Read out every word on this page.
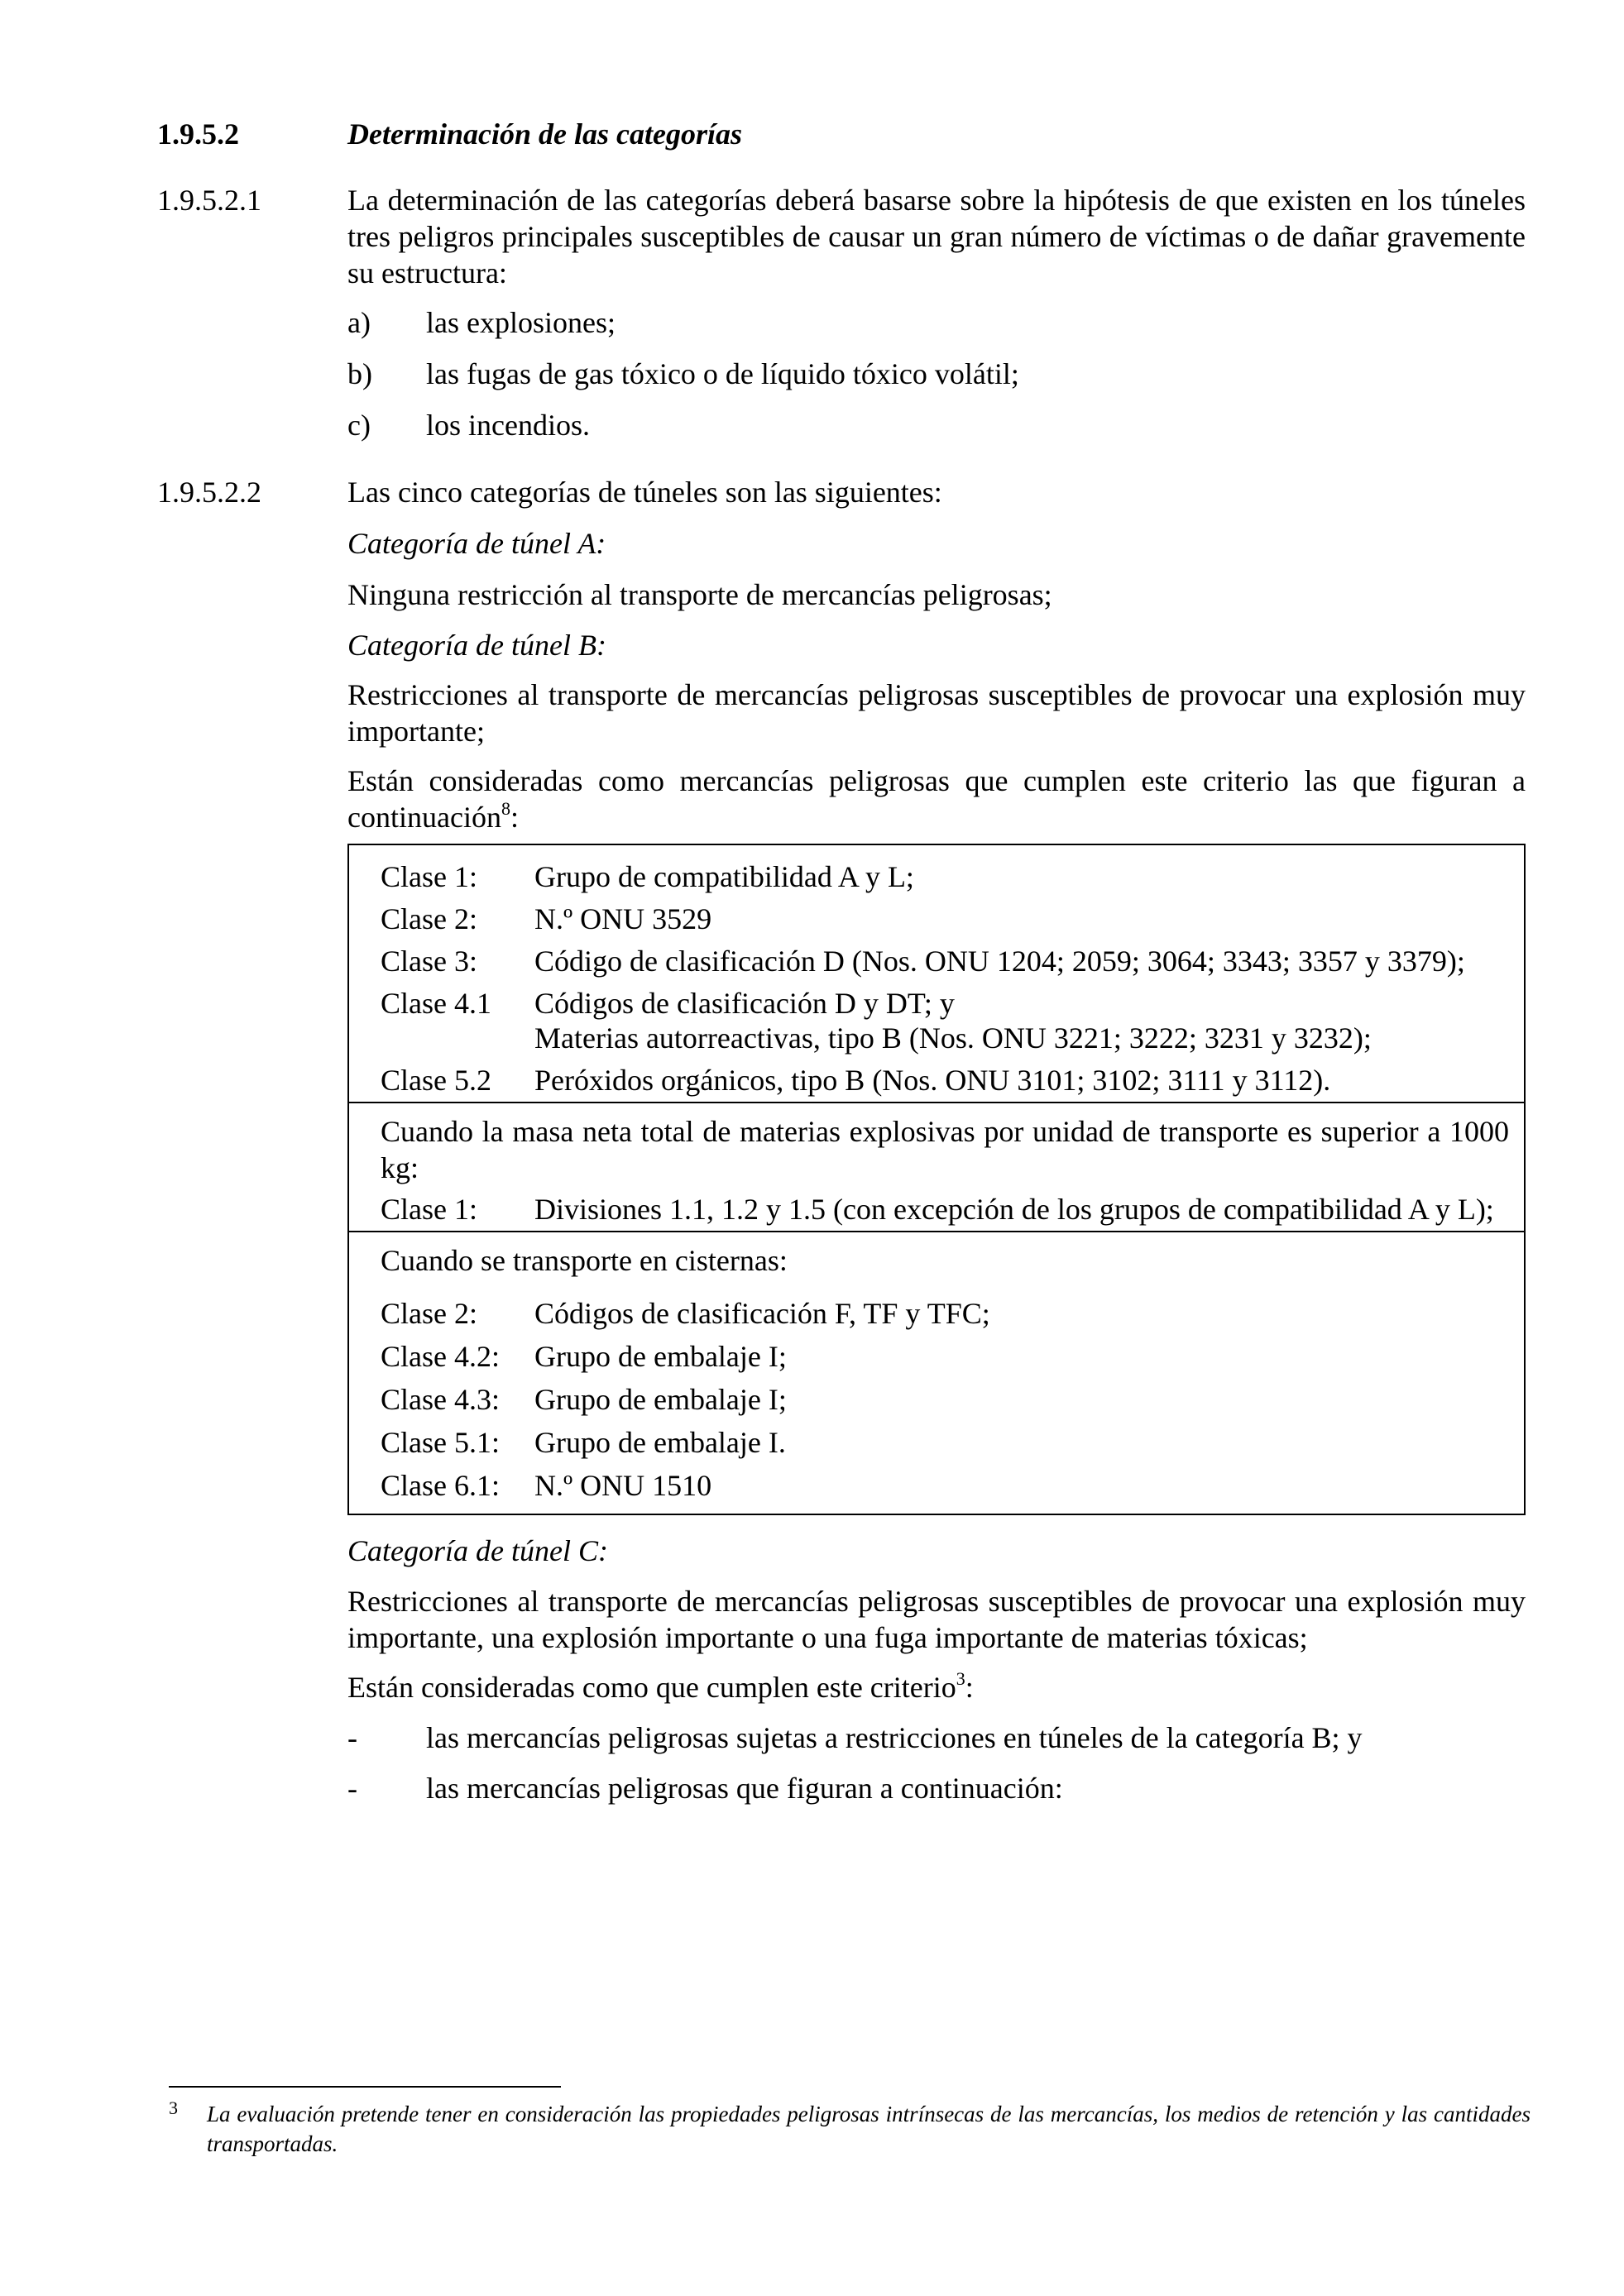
1.9.5.2	Determinación de las categorías
1.9.5.2.1	La determinación de las categorías deberá basarse sobre la hipótesis de que existen en los túneles tres peligros principales susceptibles de causar un gran número de víctimas o de dañar gravemente su estructura:
a) las explosiones;
b) las fugas de gas tóxico o de líquido tóxico volátil;
c) los incendios.
1.9.5.2.2	Las cinco categorías de túneles son las siguientes:
Categoría de túnel A:
Ninguna restricción al transporte de mercancías peligrosas;
Categoría de túnel B:
Restricciones al transporte de mercancías peligrosas susceptibles de provocar una explosión muy importante;
Están consideradas como mercancías peligrosas que cumplen este criterio las que figuran a continuación$^8$:
Clase 1: Grupo de compatibilidad A y L;
Clase 2: N.º ONU 3529
Clase 3: Código de clasificación D (Nos. ONU 1204; 2059; 3064; 3343; 3357 y 3379);
Clase 4.1 Códigos de clasificación D y DT; y
Materias autorreactivas, tipo B (Nos. ONU 3221; 3222; 3231 y 3232);
Clase 5.2 Peróxidos orgánicos, tipo B (Nos. ONU 3101; 3102; 3111 y 3112).
Cuando la masa neta total de materias explosivas por unidad de transporte es superior a 1000 kg:
Clase 1: Divisiones 1.1, 1.2 y 1.5 (con excepción de los grupos de compatibilidad A y L);
Cuando se transporte en cisternas:
Clase 2: Códigos de clasificación F, TF y TFC;
Clase 4.2: Grupo de embalaje I;
Clase 4.3: Grupo de embalaje I;
Clase 5.1: Grupo de embalaje I.
Clase 6.1: N.º ONU 1510
Categoría de túnel C:
Restricciones al transporte de mercancías peligrosas susceptibles de provocar una explosión muy importante, una explosión importante o una fuga importante de materias tóxicas;
Están consideradas como que cumplen este criterio$^3$:
- las mercancías peligrosas sujetas a restricciones en túneles de la categoría B; y
- las mercancías peligrosas que figuran a continuación:
3 La evaluación pretende tener en consideración las propiedades peligrosas intrínsecas de las mercancías, los medios de retención y las cantidades transportadas.
